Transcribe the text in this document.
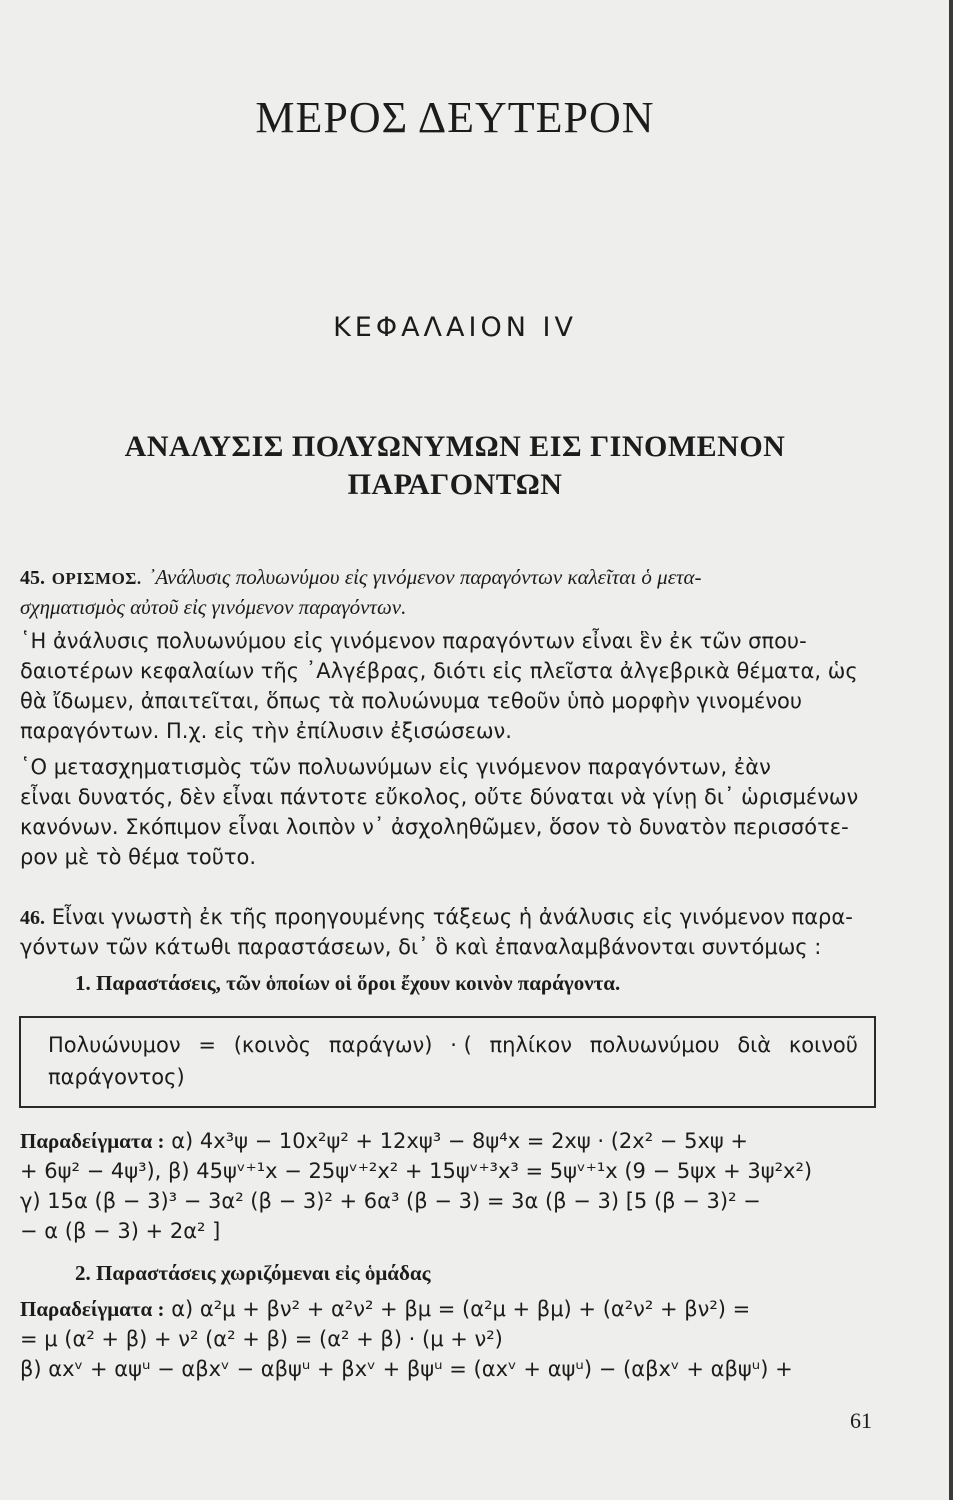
ΜΕΡΟΣ ΔΕΥΤΕΡΟΝ
ΚΕΦΑΛΑΙΟΝ IV
ΑΝΑΛΥΣΙΣ ΠΟΛΥΩΝΥΜΩΝ ΕΙΣ ΓΙΝΟΜΕΝΟΝ
ΠΑΡΑΓΟΝΤΩΝ
45. ΟΡΙΣΜΟΣ. ᾿Ανάλυσις πολυωνύμου εἰς γινόμενον παραγόντων καλεῖται ὁ μετα-
σχηματισμὸς αὐτοῦ εἰς γινόμενον παραγόντων.
῾Η ἀνάλυσις πολυωνύμου εἰς γινόμενον παραγόντων εἶναι ἓν ἐκ τῶν σπου-
δαιοτέρων κεφαλαίων τῆς ᾿Αλγέβρας, διότι εἰς πλεῖστα ἀλγεβρικὰ θέματα, ὡς
θὰ ἴδωμεν, ἀπαιτεῖται, ὅπως τὰ πολυώνυμα τεθοῦν ὑπὸ μορφὴν γινομένου
παραγόντων. Π.χ. εἰς τὴν ἐπίλυσιν ἐξισώσεων.
῾Ο μετασχηματισμὸς τῶν πολυωνύμων εἰς γινόμενον παραγόντων, ἐὰν
εἶναι δυνατός, δὲν εἶναι πάντοτε εὔκολος, οὔτε δύναται νὰ γίνῃ δι᾿ ὡρισμένων
κανόνων. Σκόπιμον εἶναι λοιπὸν ν᾿ ἀσχοληθῶμεν, ὅσον τὸ δυνατὸν περισσότε-
ρον μὲ τὸ θέμα τοῦτο.
46. Εἶναι γνωστὴ ἐκ τῆς προηγουμένης τάξεως ἡ ἀνάλυσις εἰς γινόμενον παρα-
γόντων τῶν κάτωθι παραστάσεων, δι᾿ ὃ καὶ ἐπαναλαμβάνονται συντόμως :
1. Παραστάσεις, τῶν ὁποίων οἱ ὅροι ἔχουν κοινὸν παράγοντα.
Πολυώνυμον = (κοινὸς παράγων) · ( πηλίκον πολυωνύμου διὰ κοινοῦ
παράγοντος)
Παραδείγματα : α) 4x³ψ − 10x²ψ² + 12xψ³ − 8ψ⁴x = 2xψ · (2x² − 5xψ +
+ 6ψ² − 4ψ³), β) 45ψᵛ⁺¹x − 25ψᵛ⁺²x² + 15ψᵛ⁺³x³ = 5ψᵛ⁺¹x (9 − 5ψx + 3ψ²x²)
γ) 15α (β − 3)³ − 3α² (β − 3)² + 6α³ (β − 3) = 3α (β − 3) [5 (β − 3)² −
− α (β − 3) + 2α² ]
2. Παραστάσεις χωριζόμεναι εἰς ὁμάδας
Παραδείγματα : α) α²μ + βν² + α²ν² + βμ = (α²μ + βμ) + (α²ν² + βν²) =
= μ (α² + β) + ν² (α² + β) = (α² + β) · (μ + ν²)
β) αxᵛ + αψᵘ − αβxᵛ − αβψᵘ + βxᵛ + βψᵘ = (αxᵛ + αψᵘ) − (αβxᵛ + αβψᵘ) +
61
